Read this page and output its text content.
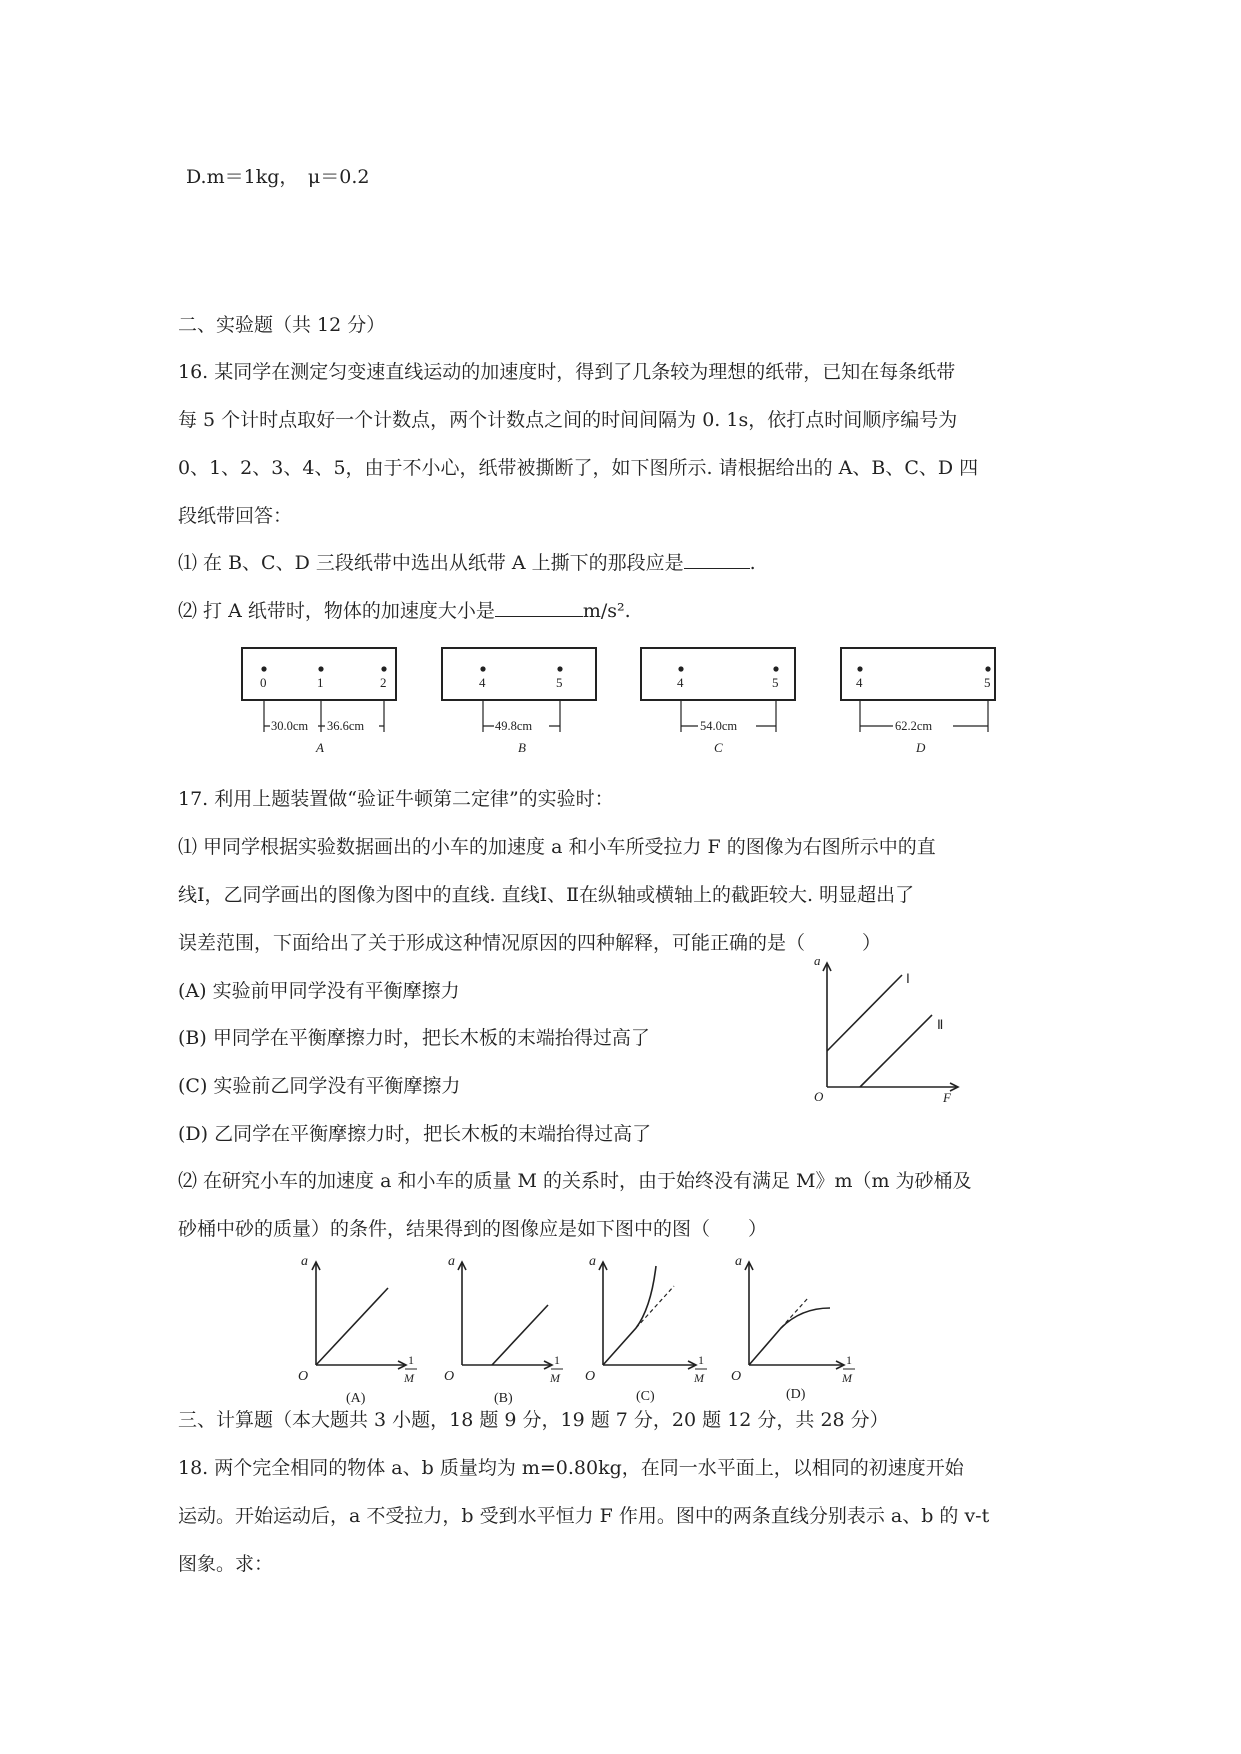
D.m＝1kg，　μ＝0.2
二、实验题（共 12 分）
16. 某同学在测定匀变速直线运动的加速度时，得到了几条较为理想的纸带，已知在每条纸带
每 5 个计时点取好一个计数点，两个计数点之间的时间间隔为 0. 1s，依打点时间顺序编号为
0、1、2、3、4、5，由于不小心，纸带被撕断了，如下图所示. 请根据给出的 A、B、C、D 四
段纸带回答：
⑴ 在 B、C、D 三段纸带中选出从纸带 A 上撕下的那段应是	.
⑵ 打 A 纸带时，物体的加速度大小是	m/s².
0	1	2	4	5	4	5	4	5
30.0cm 36.6cm	49.8cm	54.0cm	62.2cm
A	B	C	D
17. 利用上题装置做“验证牛顿第二定律”的实验时：
⑴ 甲同学根据实验数据画出的小车的加速度 a 和小车所受拉力 F 的图像为右图所示中的直
线Ⅰ，乙同学画出的图像为图中的直线. 直线Ⅰ、Ⅱ在纵轴或横轴上的截距较大. 明显超出了
误差范围，下面给出了关于形成这种情况原因的四种解释，可能正确的是（　　　）
(A) 实验前甲同学没有平衡摩擦力
(B) 甲同学在平衡摩擦力时，把长木板的末端抬得过高了
(C) 实验前乙同学没有平衡摩擦力
(D) 乙同学在平衡摩擦力时，把长木板的末端抬得过高了
a
O	F
Ⅰ
Ⅱ
⑵ 在研究小车的加速度 a 和小车的质量 M 的关系时，由于始终没有满足 M》m（m 为砂桶及
砂桶中砂的质量）的条件，结果得到的图像应是如下图中的图（　　）
a
O
1
M
(A)
a
O
1
M
(B)
a
O
1
M
(C)
a
O
1
M
(D)
三、计算题（本大题共 3 小题，18 题 9 分，19 题 7 分，20 题 12 分，共 28 分）
18. 两个完全相同的物体 a、b 质量均为 m=0.80kg，在同一水平面上，以相同的初速度开始
运动。开始运动后，a 不受拉力，b 受到水平恒力 F 作用。图中的两条直线分别表示 a、b 的 v-t
图象。求：
